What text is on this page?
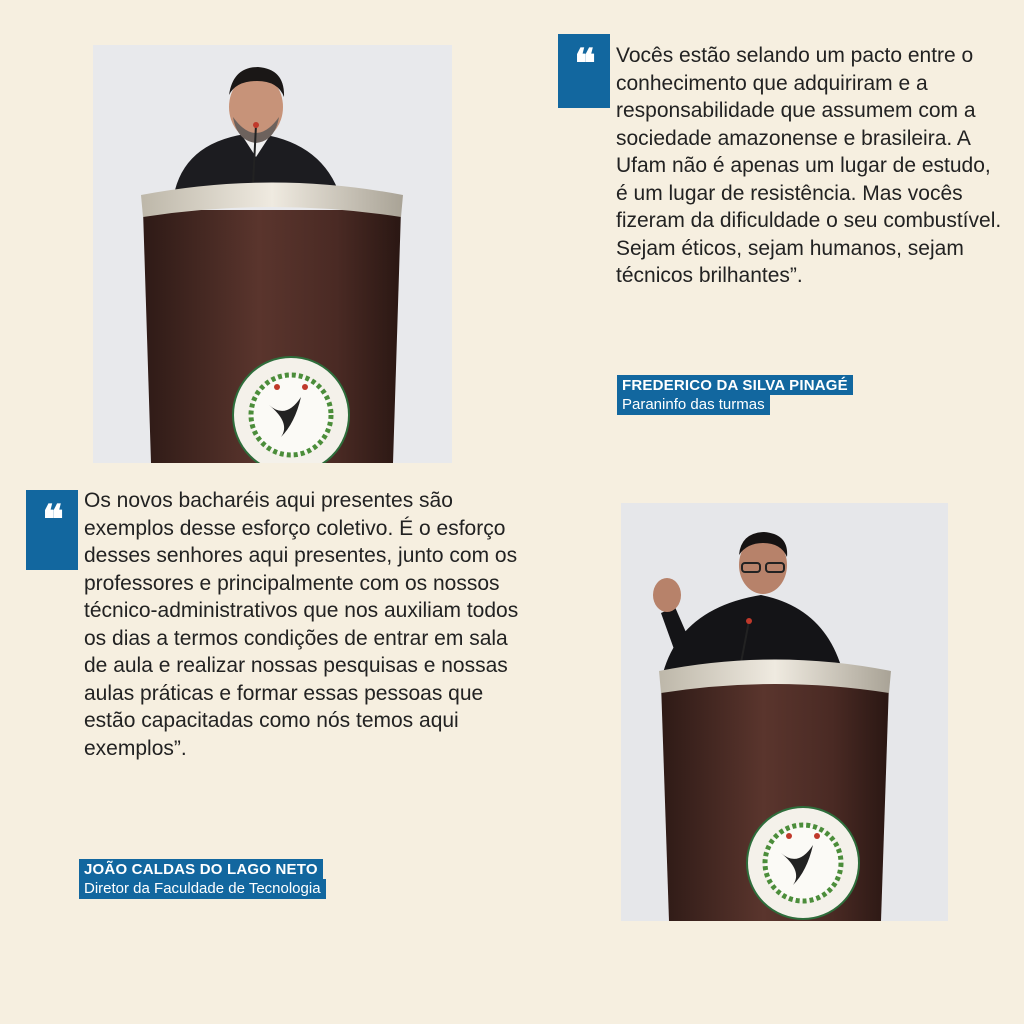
❝	Vocês estão selando um pacto entre o conhecimento que adquiriram e a responsabilidade que assumem com a sociedade amazonense e brasileira. A Ufam não é apenas um lugar de estudo, é um lugar de resistência. Mas vocês fizeram da dificuldade o seu combustível. Sejam éticos, sejam humanos, sejam técnicos brilhantes”.

FREDERICO DA SILVA PINAGÉ
Paraninfo das turmas
❝	Os novos bacharéis aqui presentes são exemplos desse esforço coletivo. É o esforço desses senhores aqui presentes, junto com os professores e principalmente com os nossos técnico-administrativos que nos auxiliam todos os dias a termos condições de entrar em sala de aula e realizar nossas pesquisas e nossas aulas práticas e formar essas pessoas que estão capacitadas como nós temos aqui exemplos”.

JOÃO CALDAS DO LAGO NETO
Diretor da Faculdade de Tecnologia
